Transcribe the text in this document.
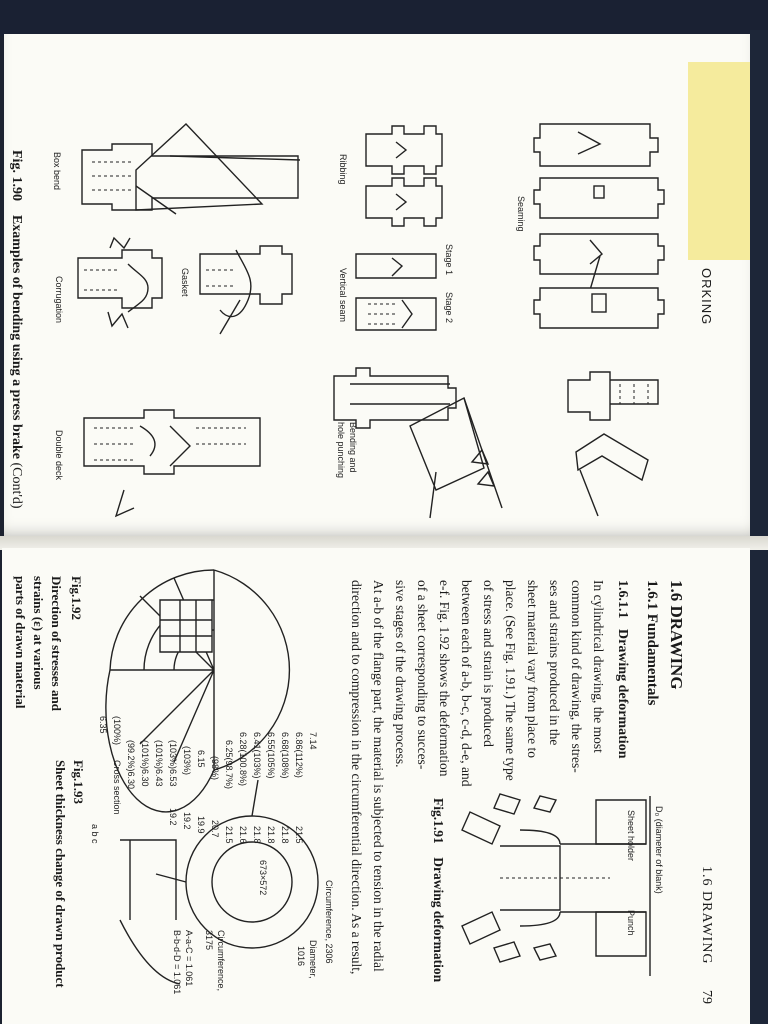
ORKING
Fig. 1.90    Examples of bending using a press brake (Cont'd)
Seaming
Ribbing
Stage 1
Stage 2
Vertical seam
Bending and
hole punching
Box bend
Gasket
Corrugation
Double deck
1.6 DRAWING
79
1.6 DRAWING
1.6.1 Fundamentals
1.6.1.1   Drawing deformation
In cylindrical drawing, the most
common kind of drawing, the stres-
ses and strains produced in the
sheet material vary from place to
place. (See Fig. 1.91.) The same type
of stress and strain is produced
between each of a-b, b-c, c-d, d-e, and
e-f. Fig. 1.92 shows the deformation
of a sheet corresponding to succes-
sive stages of the drawing process.
At a-b of the flange part, the material is subjected to tension in the radial
direction and to compression in the circumferential direction. As a result,	Fig.1.91    Drawing deformation
D₀ (diameter of blank)
Sheet holder
Punch
Fig.1.92
Direction of stresses and
strains (ε) at various
parts of drawn material
Fig.1.93
Sheet thickness change of drawn product	Circumference, 2306
Diameter,
1016
Circumference,
3175
A-a-C = 1.061
B-b-d-D = 1.061
673×572
Cross section
a b c
7.14
6.86(112%)
6.68(108%)
6.55(105%)
6.41(103%)
6.28(100.8%)
6.25(98.7%)
(98%)
6.15
(103%)
(103%)6.53
(101%)6.43
(101%)6.30
(99.2%)6.30
(100%)
6.35
21.5
21.8
21.8
21.8
21.6
21.5
20.7
19.9
19.2
19.2
